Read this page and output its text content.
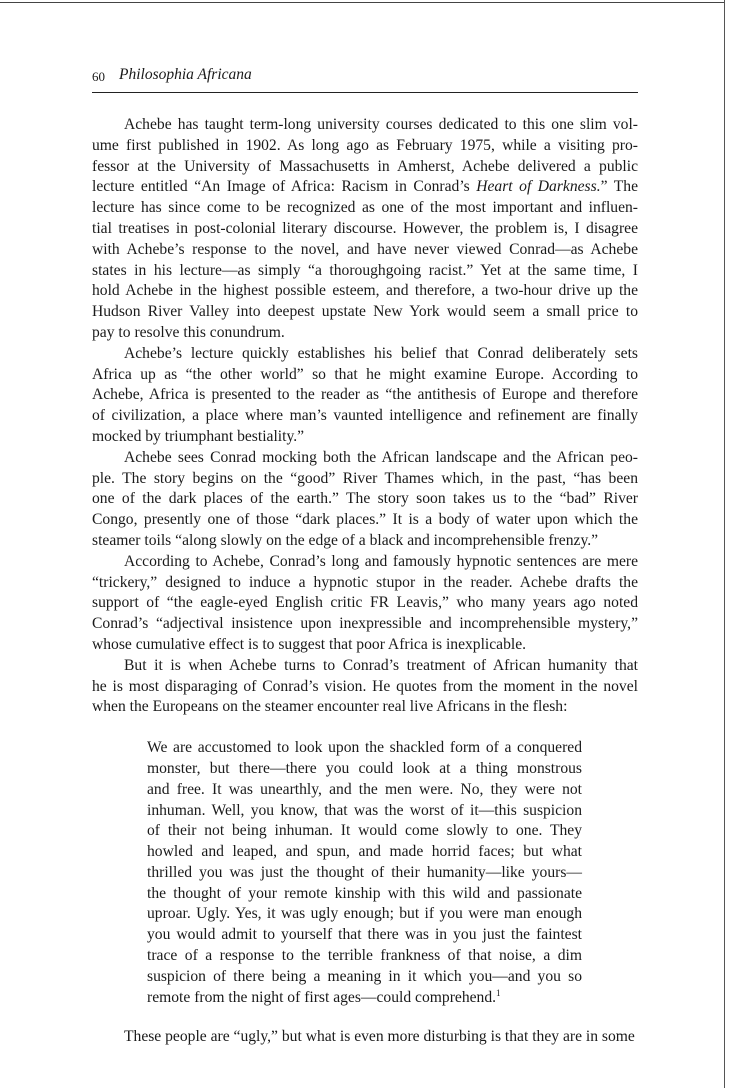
60 Philosophia Africana
Achebe has taught term-long university courses dedicated to this one slim vol-
ume first published in 1902. As long ago as February 1975, while a visiting pro-
fessor at the University of Massachusetts in Amherst, Achebe delivered a public
lecture entitled “An Image of Africa: Racism in Conrad’s Heart of Darkness.” The
lecture has since come to be recognized as one of the most important and influen-
tial treatises in post-colonial literary discourse. However, the problem is, I disagree
with Achebe’s response to the novel, and have never viewed Conrad—as Achebe
states in his lecture—as simply “a thoroughgoing racist.” Yet at the same time, I
hold Achebe in the highest possible esteem, and therefore, a two-hour drive up the
Hudson River Valley into deepest upstate New York would seem a small price to
pay to resolve this conundrum.
Achebe’s lecture quickly establishes his belief that Conrad deliberately sets
Africa up as “the other world” so that he might examine Europe. According to
Achebe, Africa is presented to the reader as “the antithesis of Europe and therefore
of civilization, a place where man’s vaunted intelligence and refinement are finally
mocked by triumphant bestiality.”
Achebe sees Conrad mocking both the African landscape and the African peo-
ple. The story begins on the “good” River Thames which, in the past, “has been
one of the dark places of the earth.” The story soon takes us to the “bad” River
Congo, presently one of those “dark places.” It is a body of water upon which the
steamer toils “along slowly on the edge of a black and incomprehensible frenzy.”
According to Achebe, Conrad’s long and famously hypnotic sentences are mere
“trickery,” designed to induce a hypnotic stupor in the reader. Achebe drafts the
support of “the eagle-eyed English critic FR Leavis,” who many years ago noted
Conrad’s “adjectival insistence upon inexpressible and incomprehensible mystery,”
whose cumulative effect is to suggest that poor Africa is inexplicable.
But it is when Achebe turns to Conrad’s treatment of African humanity that
he is most disparaging of Conrad’s vision. He quotes from the moment in the novel
when the Europeans on the steamer encounter real live Africans in the flesh:
We are accustomed to look upon the shackled form of a conquered
monster, but there—there you could look at a thing monstrous
and free. It was unearthly, and the men were. No, they were not
inhuman. Well, you know, that was the worst of it—this suspicion
of their not being inhuman. It would come slowly to one. They
howled and leaped, and spun, and made horrid faces; but what
thrilled you was just the thought of their humanity—like yours—
the thought of your remote kinship with this wild and passionate
uproar. Ugly. Yes, it was ugly enough; but if you were man enough
you would admit to yourself that there was in you just the faintest
trace of a response to the terrible frankness of that noise, a dim
suspicion of there being a meaning in it which you—and you so
remote from the night of first ages—could comprehend.$^1$
These people are “ugly,” but what is even more disturbing is that they are in some
